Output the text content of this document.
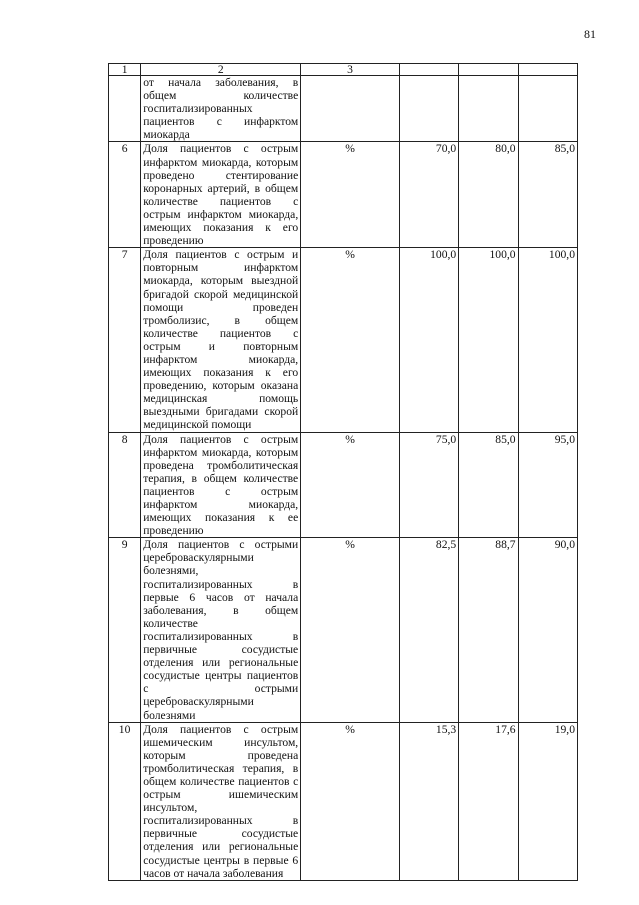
81
1	2	3			
	от начала заболевания, в общем количестве госпитализированных пациентов с инфарктом миокарда				
6	Доля пациентов с острым инфарктом миокарда, которым проведено стентирование коронарных артерий, в общем количестве пациентов с острым инфарктом миокарда, имеющих показания к его проведению	%	70,0	80,0	85,0
7	Доля пациентов с острым и повторным инфарктом миокарда, которым выездной бригадой скорой медицинской помощи проведен тромболизис, в общем количестве пациентов с острым и повторным инфарктом миокарда, имеющих показания к его проведению, которым оказана медицинская помощь выездными бригадами скорой медицинской помощи	%	100,0	100,0	100,0
8	Доля пациентов с острым инфарктом миокарда, которым проведена тромболитическая терапия, в общем количестве пациентов с острым инфарктом миокарда, имеющих показания к ее проведению	%	75,0	85,0	95,0
9	Доля пациентов с острыми цереброваскулярными болезнями, госпитализированных в первые 6 часов от начала заболевания, в общем количестве госпитализированных в первичные сосудистые отделения или региональные сосудистые центры пациентов с острыми цереброваскулярными болезнями	%	82,5	88,7	90,0
10	Доля пациентов с острым ишемическим инсультом, которым проведена тромболитическая терапия, в общем количестве пациентов с острым ишемическим инсультом, госпитализированных в первичные сосудистые отделения или региональные сосудистые центры в первые 6 часов от начала заболевания	%	15,3	17,6	19,0
